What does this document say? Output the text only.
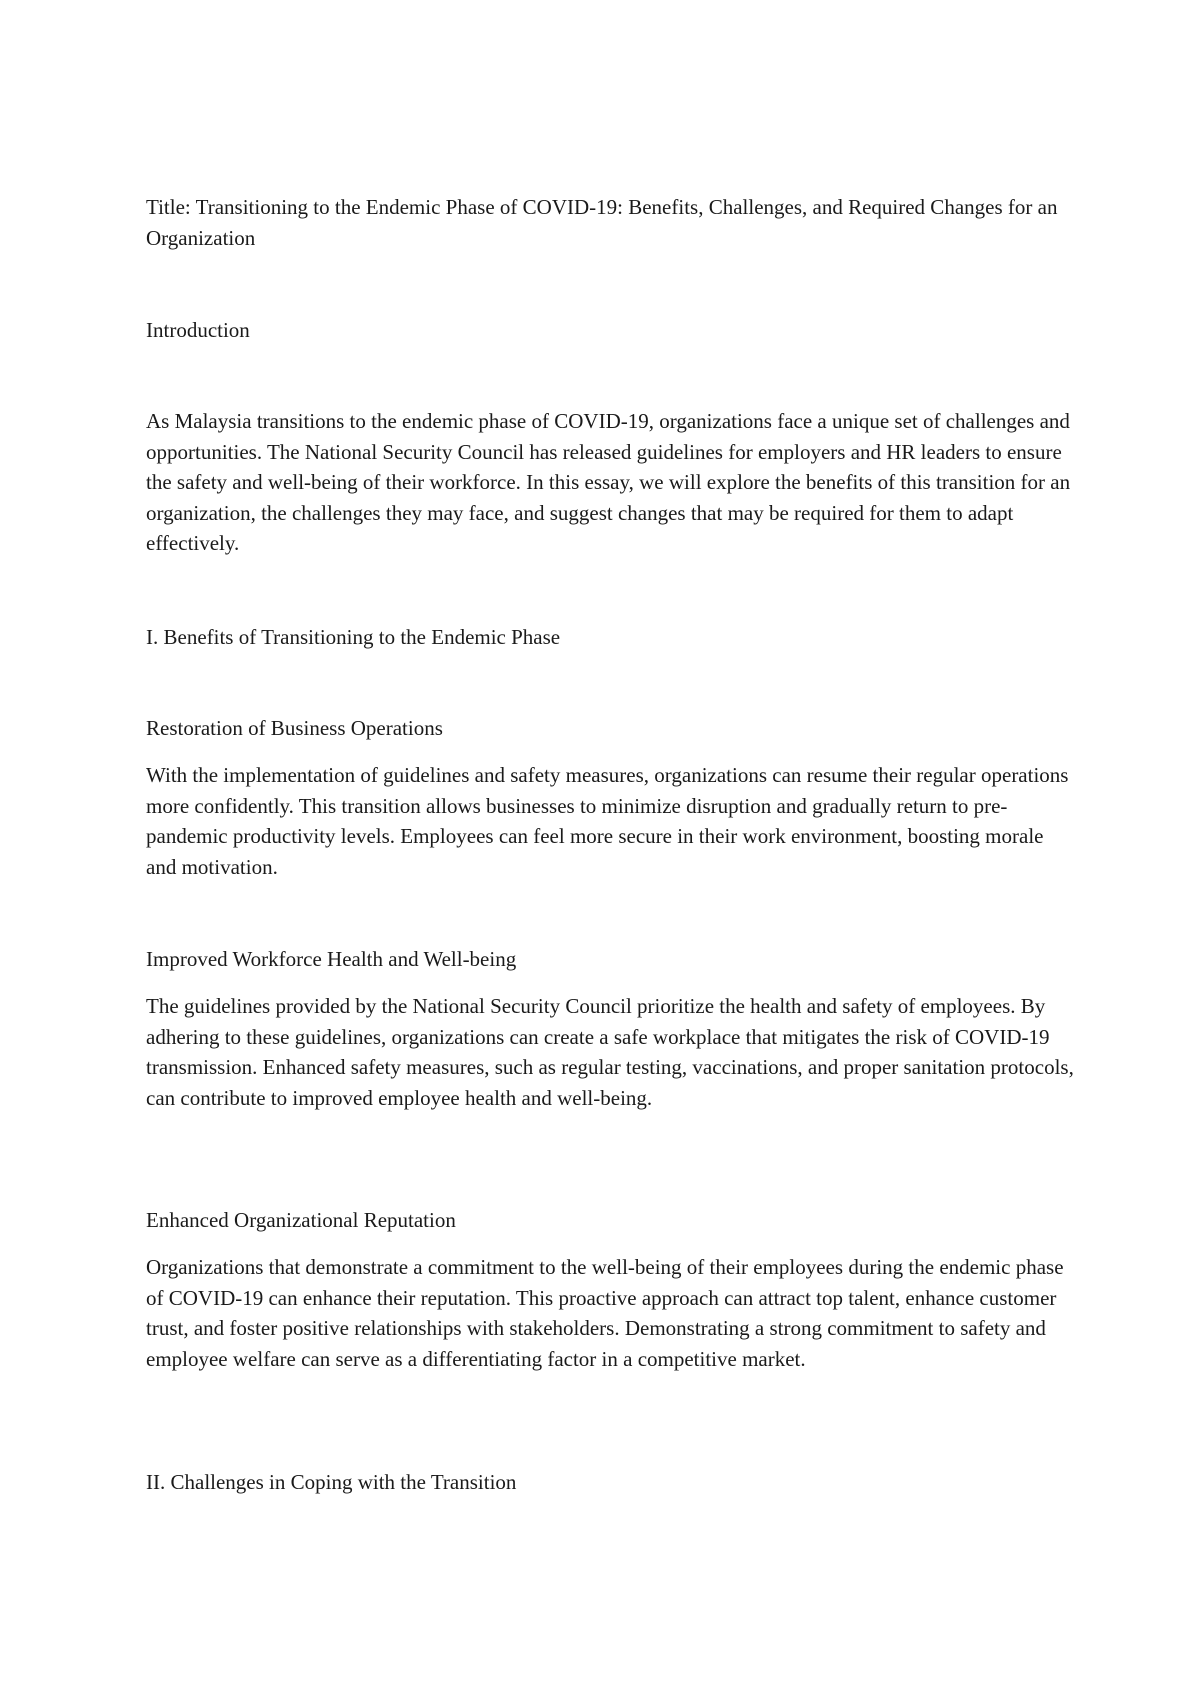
Title: Transitioning to the Endemic Phase of COVID-19: Benefits, Challenges, and Required Changes for an Organization

Introduction

As Malaysia transitions to the endemic phase of COVID-19, organizations face a unique set of challenges and opportunities. The National Security Council has released guidelines for employers and HR leaders to ensure the safety and well-being of their workforce. In this essay, we will explore the benefits of this transition for an organization, the challenges they may face, and suggest changes that may be required for them to adapt effectively.

I. Benefits of Transitioning to the Endemic Phase

Restoration of Business Operations

With the implementation of guidelines and safety measures, organizations can resume their regular operations more confidently. This transition allows businesses to minimize disruption and gradually return to pre-pandemic productivity levels. Employees can feel more secure in their work environment, boosting morale and motivation.

Improved Workforce Health and Well-being

The guidelines provided by the National Security Council prioritize the health and safety of employees. By adhering to these guidelines, organizations can create a safe workplace that mitigates the risk of COVID-19 transmission. Enhanced safety measures, such as regular testing, vaccinations, and proper sanitation protocols, can contribute to improved employee health and well-being.

Enhanced Organizational Reputation

Organizations that demonstrate a commitment to the well-being of their employees during the endemic phase of COVID-19 can enhance their reputation. This proactive approach can attract top talent, enhance customer trust, and foster positive relationships with stakeholders. Demonstrating a strong commitment to safety and employee welfare can serve as a differentiating factor in a competitive market.

II. Challenges in Coping with the Transition
